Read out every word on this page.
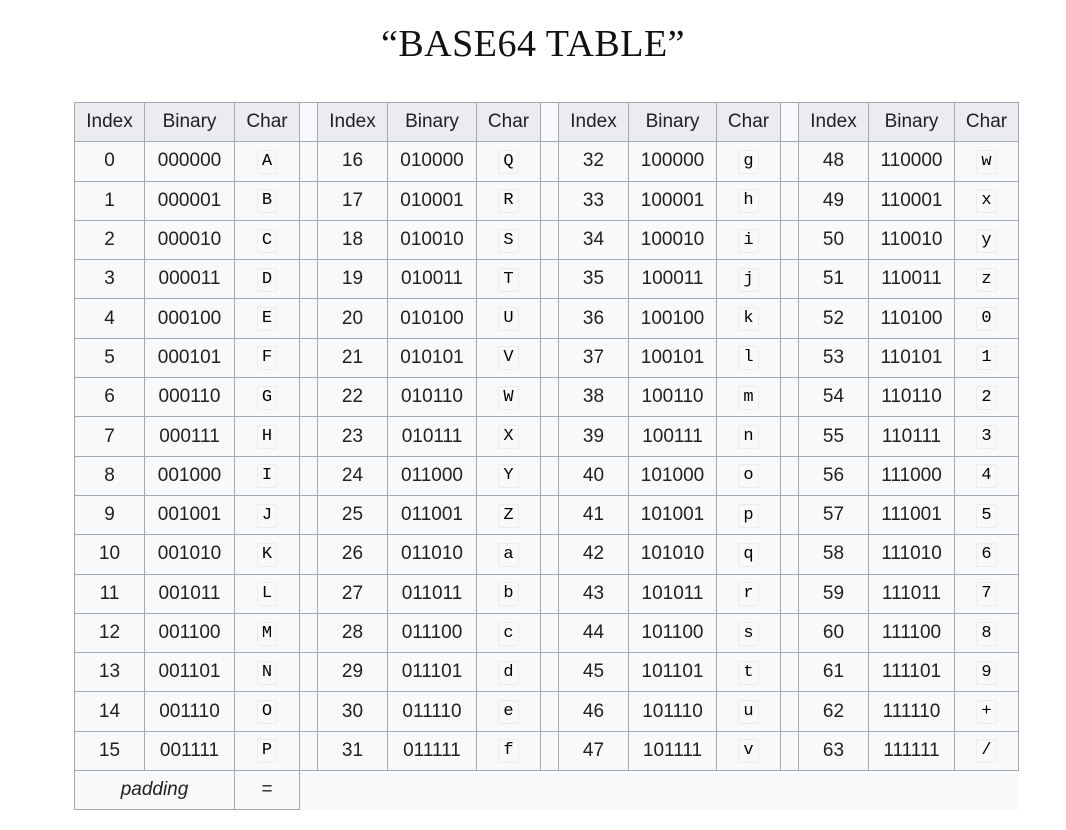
“BASE64 TABLE”
Index	Binary	Char		Index	Binary	Char		Index	Binary	Char		Index	Binary	Char
0	000000	A		16	010000	Q		32	100000	g		48	110000	w
1	000001	B		17	010001	R		33	100001	h		49	110001	x
2	000010	C		18	010010	S		34	100010	i		50	110010	y
3	000011	D		19	010011	T		35	100011	j		51	110011	z
4	000100	E		20	010100	U		36	100100	k		52	110100	0
5	000101	F		21	010101	V		37	100101	l		53	110101	1
6	000110	G		22	010110	W		38	100110	m		54	110110	2
7	000111	H		23	010111	X		39	100111	n		55	110111	3
8	001000	I		24	011000	Y		40	101000	o		56	111000	4
9	001001	J		25	011001	Z		41	101001	p		57	111001	5
10	001010	K		26	011010	a		42	101010	q		58	111010	6
11	001011	L		27	011011	b		43	101011	r		59	111011	7
12	001100	M		28	011100	c		44	101100	s		60	111100	8
13	001101	N		29	011101	d		45	101101	t		61	111101	9
14	001110	O		30	011110	e		46	101110	u		62	111110	+
15	001111	P		31	011111	f		47	101111	v		63	111111	/
padding		=												
